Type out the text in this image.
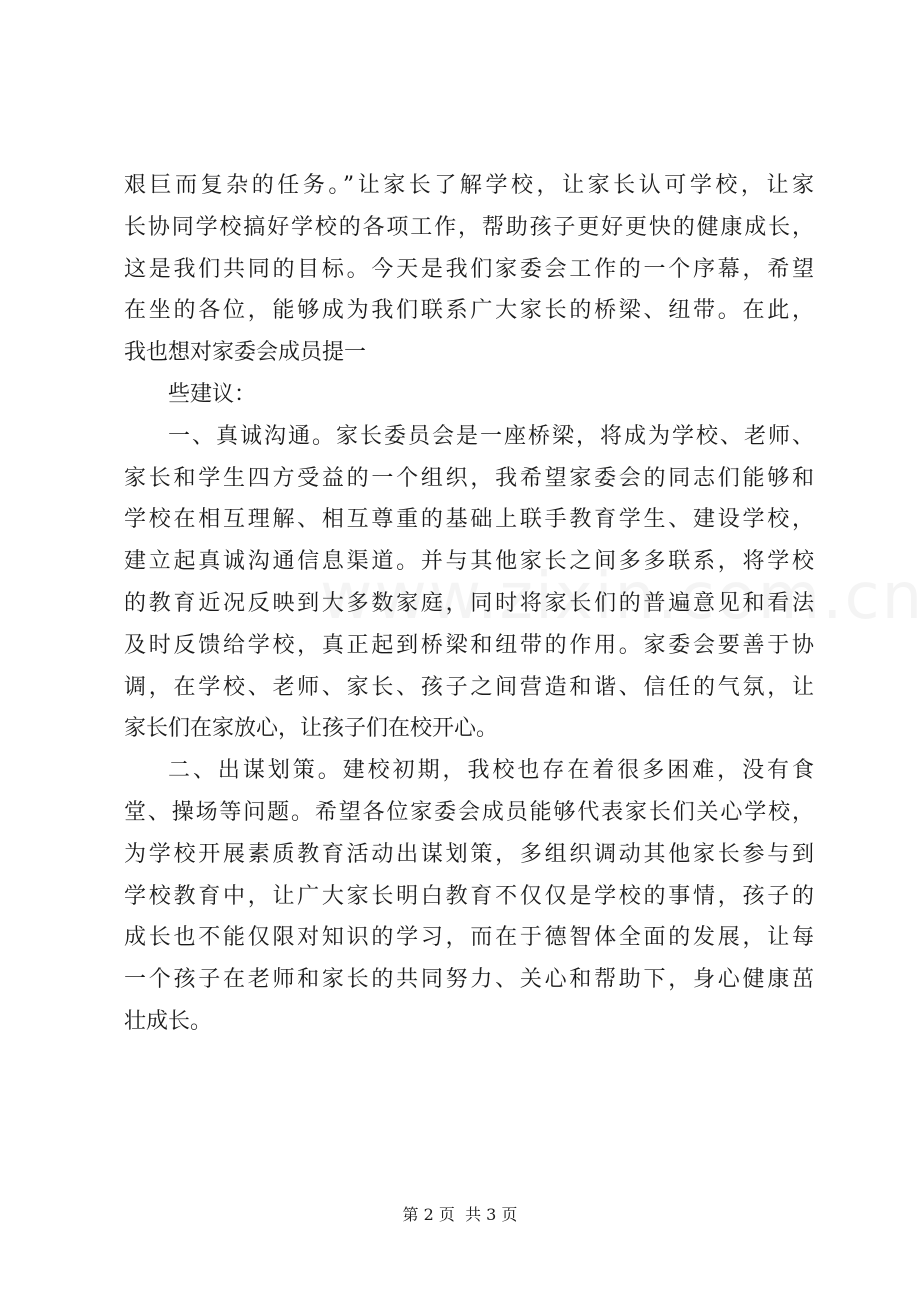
艰巨而复杂的任务。”让家长了解学校，让家长认可学校，让家
长协同学校搞好学校的各项工作，帮助孩子更好更快的健康成长，
这是我们共同的目标。今天是我们家委会工作的一个序幕，希望
在坐的各位，能够成为我们联系广大家长的桥梁、纽带。在此，
我也想对家委会成员提一
些建议：
一、真诚沟通。家长委员会是一座桥梁，将成为学校、老师、
家长和学生四方受益的一个组织，我希望家委会的同志们能够和
学校在相互理解、相互尊重的基础上联手教育学生、建设学校，
建立起真诚沟通信息渠道。并与其他家长之间多多联系，将学校
的教育近况反映到大多数家庭，同时将家长们的普遍意见和看法
及时反馈给学校，真正起到桥梁和纽带的作用。家委会要善于协
调，在学校、老师、家长、孩子之间营造和谐、信任的气氛，让
家长们在家放心，让孩子们在校开心。
二、出谋划策。建校初期，我校也存在着很多困难，没有食
堂、操场等问题。希望各位家委会成员能够代表家长们关心学校，
为学校开展素质教育活动出谋划策，多组织调动其他家长参与到
学校教育中，让广大家长明白教育不仅仅是学校的事情，孩子的
成长也不能仅限对知识的学习，而在于德智体全面的发展，让每
一个孩子在老师和家长的共同努力、关心和帮助下，身心健康茁
壮成长。
第 2 页  共 3 页
